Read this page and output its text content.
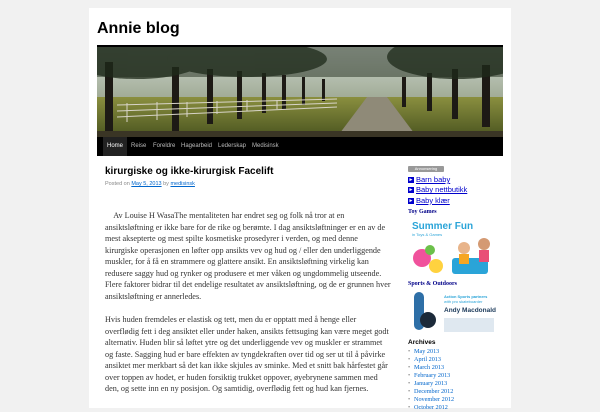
Annie blog
Home	Reise	Foreldre Hagearbeid Lederskap Medisinsk
kirurgiske og ikke-kirurgisk Facelift
Posted on May 5, 2013 by medisinsk

Av Louise H WasaThe mentaliteten har endret seg og folk nå tror at en ansiktsløftning er ikke bare for de rike og berømte. I dag ansiktsløftninger er en av de mest aksepterte og mest spilte kosmetiske prosedyrer i verden, og med denne kirurgiske operasjonen en løfter opp ansikts vev og hud og / eller den underliggende muskler, for å få en strammere og glattere ansikt. En ansiktsløftning virkelig kan redusere saggy hud og rynker og produsere et mer våken og ungdommelig utseende. Flere faktorer bidrar til det endelige resultatet av ansiktsløftning, og de er grunnen hver ansiktsløftning er annerledes.

Hvis huden fremdeles er elastisk og tett, men du er opptatt med å henge eller overflødig fett i deg ansiktet eller under haken, ansikts fettsuging kan være meget godt alternativ. Huden blir så løftet ytre og det underliggende vev og muskler er strammet og faste. Sagging hud er bare effekten av tyngdekraften over tid og ser ut til å påvirke ansiktet mer merkbart så det kan ikke skjules av sminke. Med et snitt bak hårfestet går over toppen av hodet, er huden forsiktig trukket oppover, øyebrynene sammen med den, og sette inn en ny posisjon. Og samtidig, overflødig fett og hud kan fjernes.

Annonsering
► Barn baby
► Baby nettbutikk
► Baby klær
Toy Games
Summer Fun
in Toys & Games
Sports & Outdoors
Action Sports partners
with pro skateboarder
Andy Macdonald
Archives
• May 2013
• April 2013
• March 2013
• February 2013
• January 2013
• December 2012
• November 2012
• October 2012
